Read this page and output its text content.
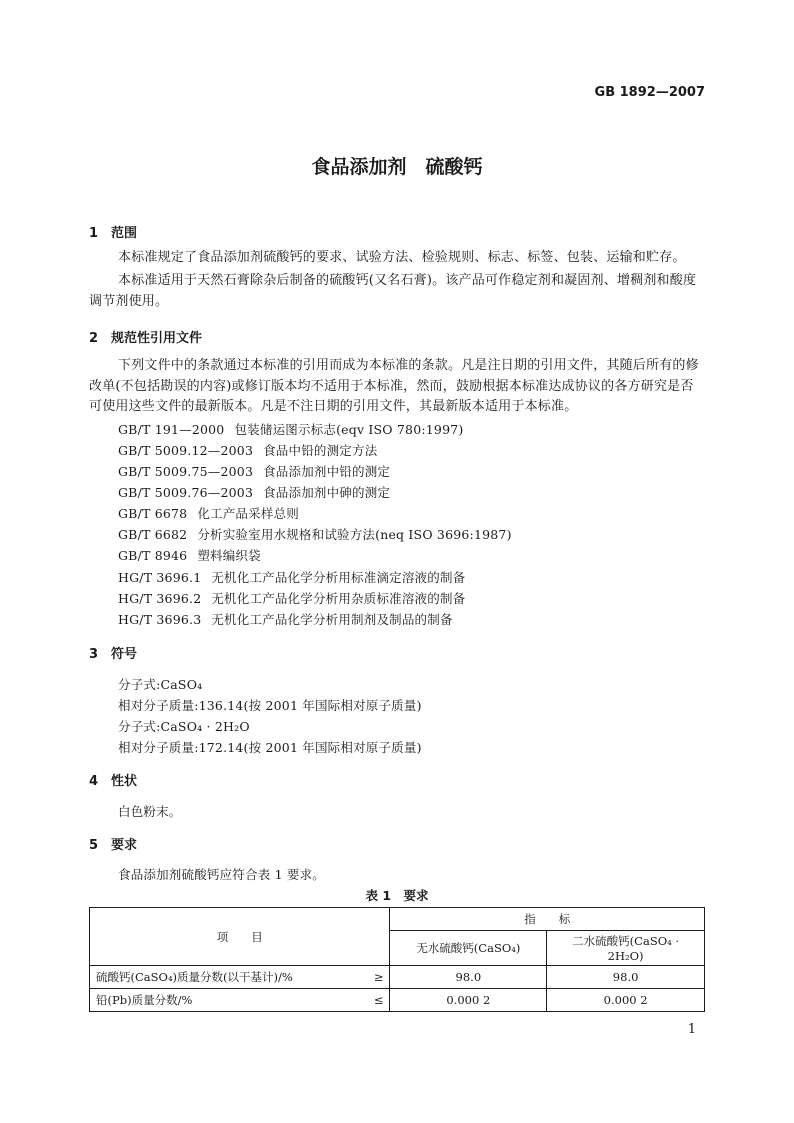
GB 1892—2007
食品添加剂　硫酸钙
1 范围
本标准规定了食品添加剂硫酸钙的要求、试验方法、检验规则、标志、标签、包装、运输和贮存。
本标准适用于天然石膏除杂后制备的硫酸钙(又名石膏)。该产品可作稳定剂和凝固剂、增稠剂和酸度调节剂使用。
2 规范性引用文件
下列文件中的条款通过本标准的引用而成为本标准的条款。凡是注日期的引用文件，其随后所有的修改单(不包括勘误的内容)或修订版本均不适用于本标准，然而，鼓励根据本标准达成协议的各方研究是否可使用这些文件的最新版本。凡是不注日期的引用文件，其最新版本适用于本标准。
GB/T 191—2000 包装储运图示标志(eqv ISO 780:1997)
GB/T 5009.12—2003 食品中铅的测定方法
GB/T 5009.75—2003 食品添加剂中铅的测定
GB/T 5009.76—2003 食品添加剂中砷的测定
GB/T 6678 化工产品采样总则
GB/T 6682 分析实验室用水规格和试验方法(neq ISO 3696:1987)
GB/T 8946 塑料编织袋
HG/T 3696.1 无机化工产品化学分析用标准滴定溶液的制备
HG/T 3696.2 无机化工产品化学分析用杂质标准溶液的制备
HG/T 3696.3 无机化工产品化学分析用制剂及制品的制备
3 符号
分子式:CaSO₄
相对分子质量:136.14(按 2001 年国际相对原子质量)
分子式:CaSO₄ · 2H₂O
相对分子质量:172.14(按 2001 年国际相对原子质量)
4 性状
白色粉末。
5 要求
食品添加剂硫酸钙应符合表 1 要求。
表 1　要求
项　　目	指　　标	
	无水硫酸钙(CaSO₄)	二水硫酸钙(CaSO₄ · 2H₂O)

硫酸钙(CaSO₄)质量分数(以干基计)/% ≥	98.0	98.0

铅(Pb)质量分数/% ≤	0.000 2	0.000 2
1
